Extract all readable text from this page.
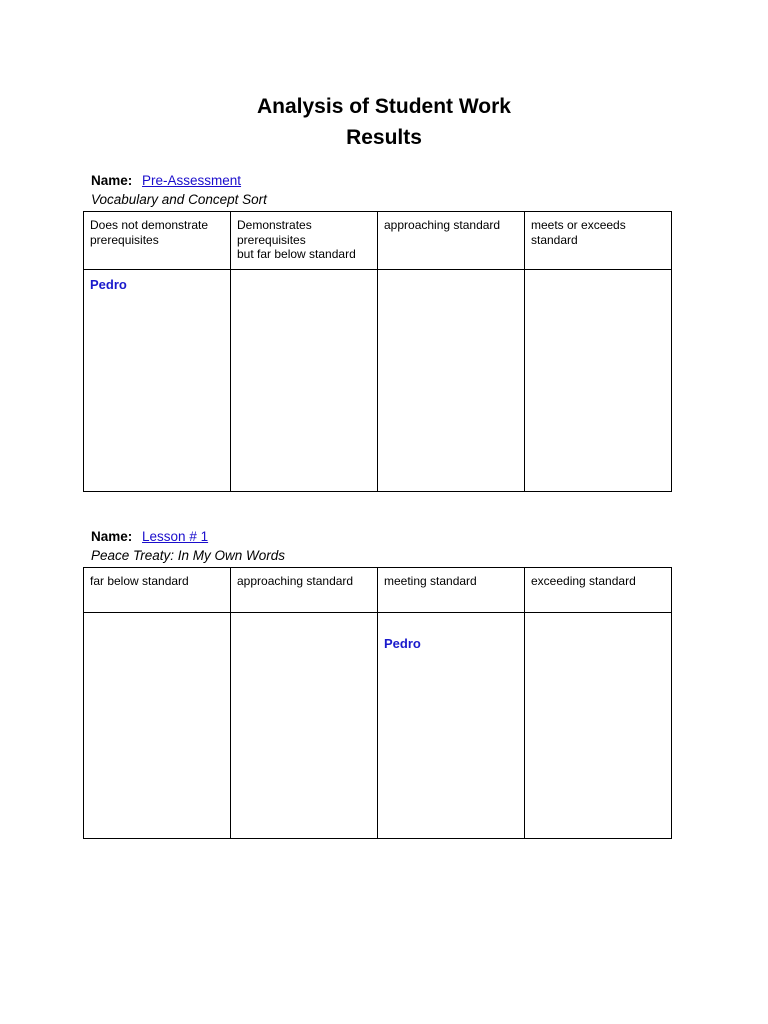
Analysis of Student Work
Results
Name: Pre-Assessment
Vocabulary and Concept Sort
Does not demonstrate
prerequisites	Demonstrates
prerequisites
but far below standard	approaching standard	meets or exceeds
standard
Pedro			
Name: Lesson # 1
Peace Treaty: In My Own Words
far below standard	approaching standard	meeting standard	exceeding standard
		Pedro	
